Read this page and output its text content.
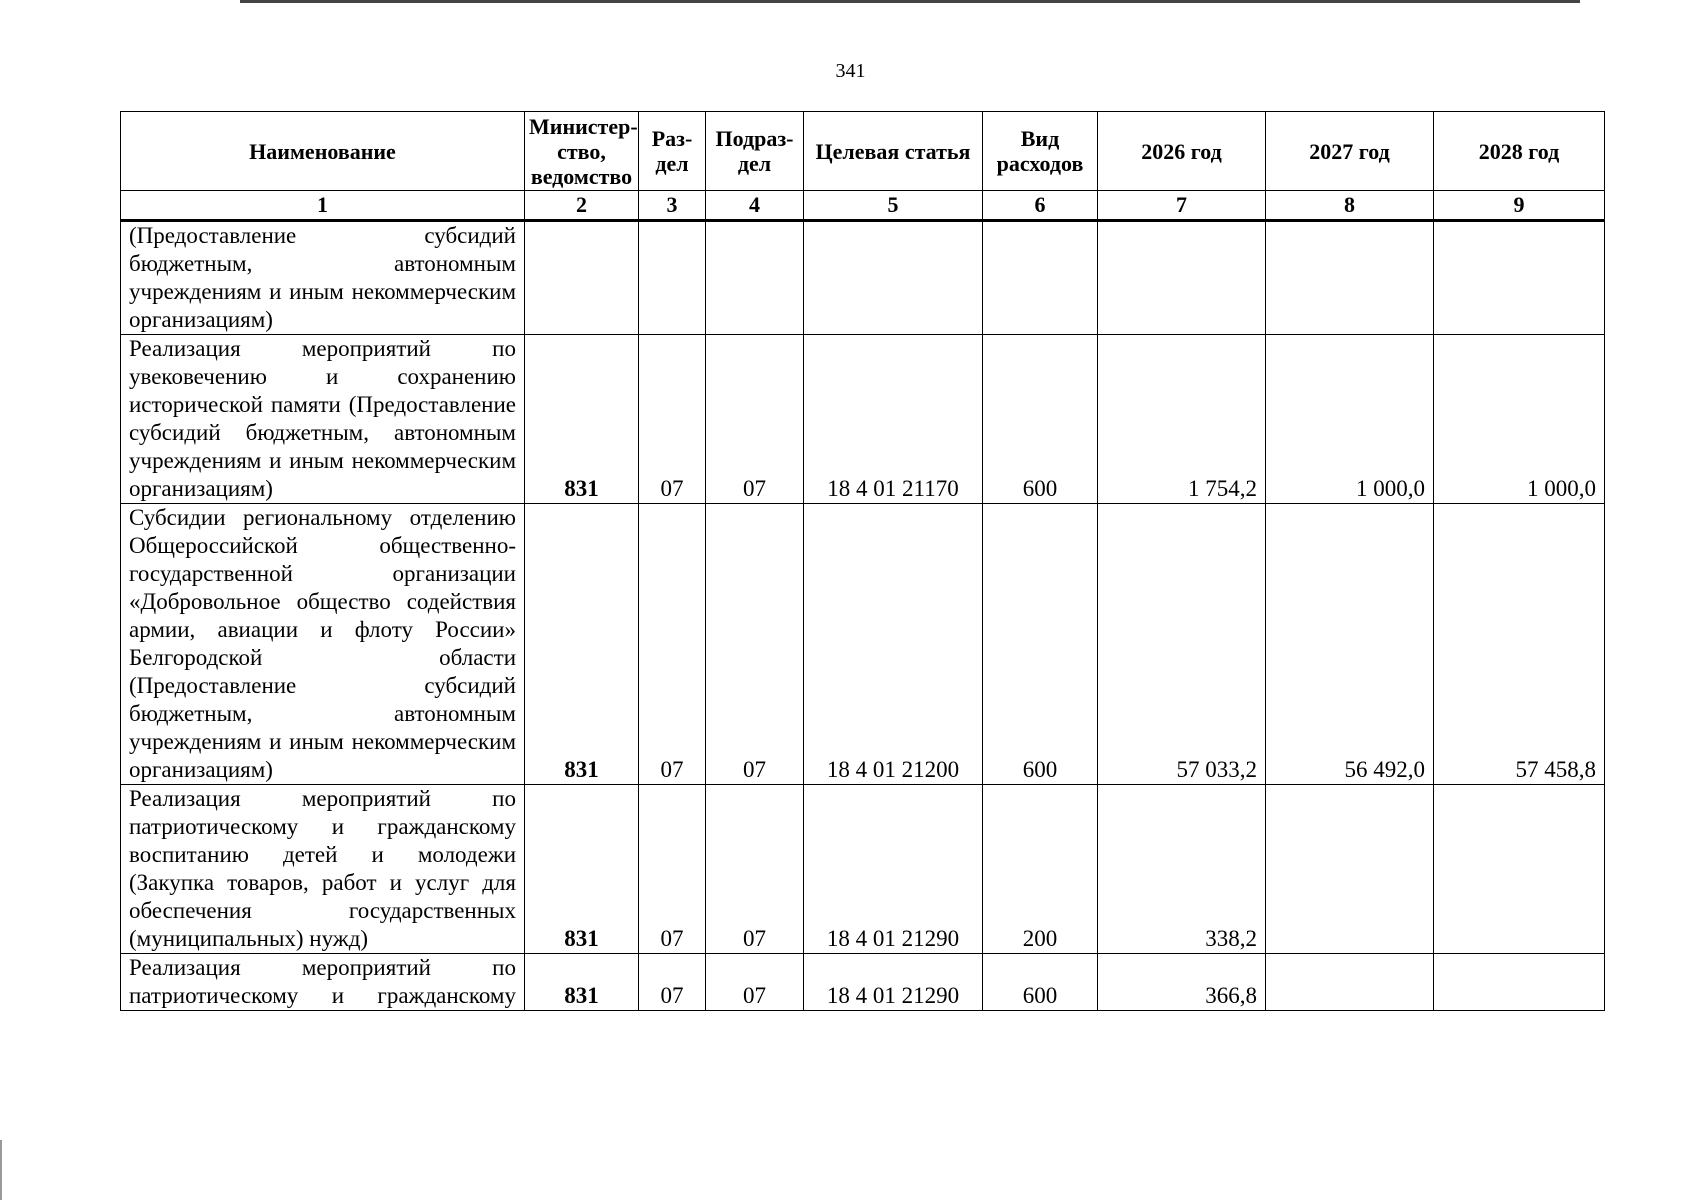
341
Наименование	Министер-ство, ведомство	Раз-дел	Подраз-дел	Целевая статья	Вид расходов	2026 год	2027 год	2028 год
1	2	3	4	5	6	7	8	9
(Предоставление субсидий бюджетным, автономным учреждениям и иным некоммерческим организациям)								
Реализация мероприятий по увековечению и сохранению исторической памяти (Предоставление субсидий бюджетным, автономным учреждениям и иным некоммерческим организациям)	831	07	07	18 4 01 21170	600	1 754,2	1 000,0	1 000,0
Субсидии региональному отделению Общероссийской общественно-государственной организации «Добровольное общество содействия армии, авиации и флоту России» Белгородской области (Предоставление субсидий бюджетным, автономным учреждениям и иным некоммерческим организациям)	831	07	07	18 4 01 21200	600	57 033,2	56 492,0	57 458,8
Реализация мероприятий по патриотическому и гражданскому воспитанию детей и молодежи (Закупка товаров, работ и услуг для обеспечения государственных (муниципальных) нужд)	831	07	07	18 4 01 21290	200	338,2		
Реализация мероприятий по патриотическому и гражданскому	831	07	07	18 4 01 21290	600	366,8		
